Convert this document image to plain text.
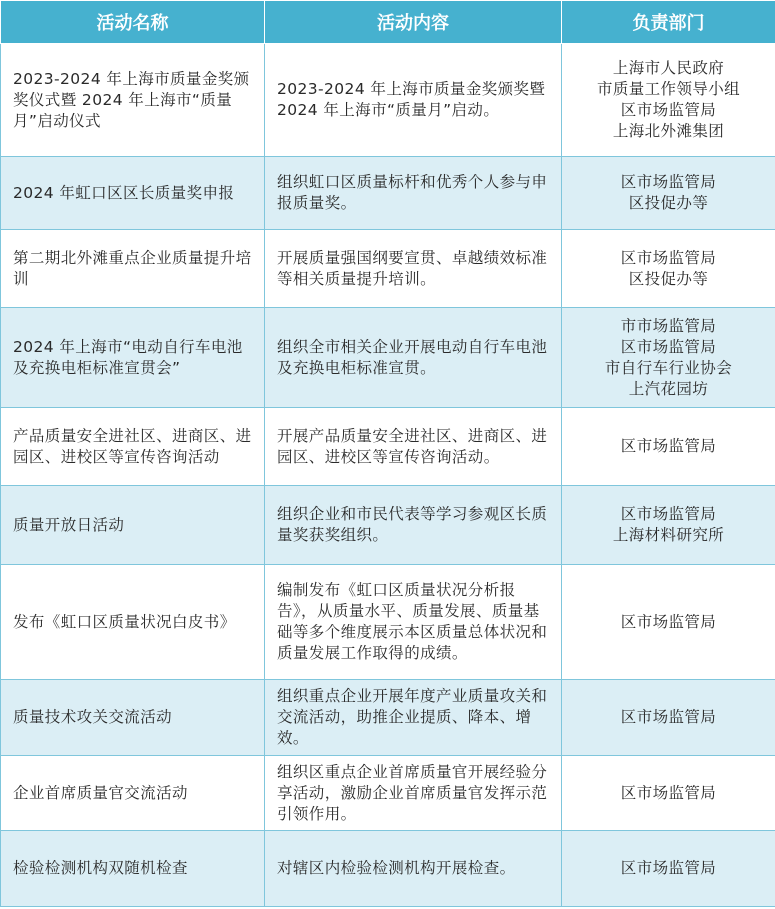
活动名称	活动内容	负责部门
2023-2024 年上海市质量金奖颁奖仪式暨 2024 年上海市“质量月”启动仪式	2023-2024 年上海市质量金奖颁奖暨 2024 年上海市“质量月”启动。	上海市人民政府
市质量工作领导小组
区市场监管局
上海北外滩集团

2024 年虹口区区长质量奖申报	组织虹口区质量标杆和优秀个人参与申报质量奖。	区市场监管局
区投促办等

第二期北外滩重点企业质量提升培训	开展质量强国纲要宣贯、卓越绩效标准等相关质量提升培训。	区市场监管局
区投促办等

2024 年上海市“电动自行车电池及充换电柜标准宣贯会”	组织全市相关企业开展电动自行车电池及充换电柜标准宣贯。	市市场监管局
区市场监管局
市自行车行业协会
上汽花园坊

产品质量安全进社区、进商区、进园区、进校区等宣传咨询活动	开展产品质量安全进社区、进商区、进园区、进校区等宣传咨询活动。	区市场监管局

质量开放日活动	组织企业和市民代表等学习参观区长质量奖获奖组织。	区市场监管局
上海材料研究所

发布《虹口区质量状况白皮书》	编制发布《虹口区质量状况分析报告》，从质量水平、质量发展、质量基础等多个维度展示本区质量总体状况和质量发展工作取得的成绩。	区市场监管局

质量技术攻关交流活动	组织重点企业开展年度产业质量攻关和交流活动，助推企业提质、降本、增效。	区市场监管局

企业首席质量官交流活动	组织区重点企业首席质量官开展经验分享活动，激励企业首席质量官发挥示范引领作用。	区市场监管局

检验检测机构双随机检查	对辖区内检验检测机构开展检查。	区市场监管局
